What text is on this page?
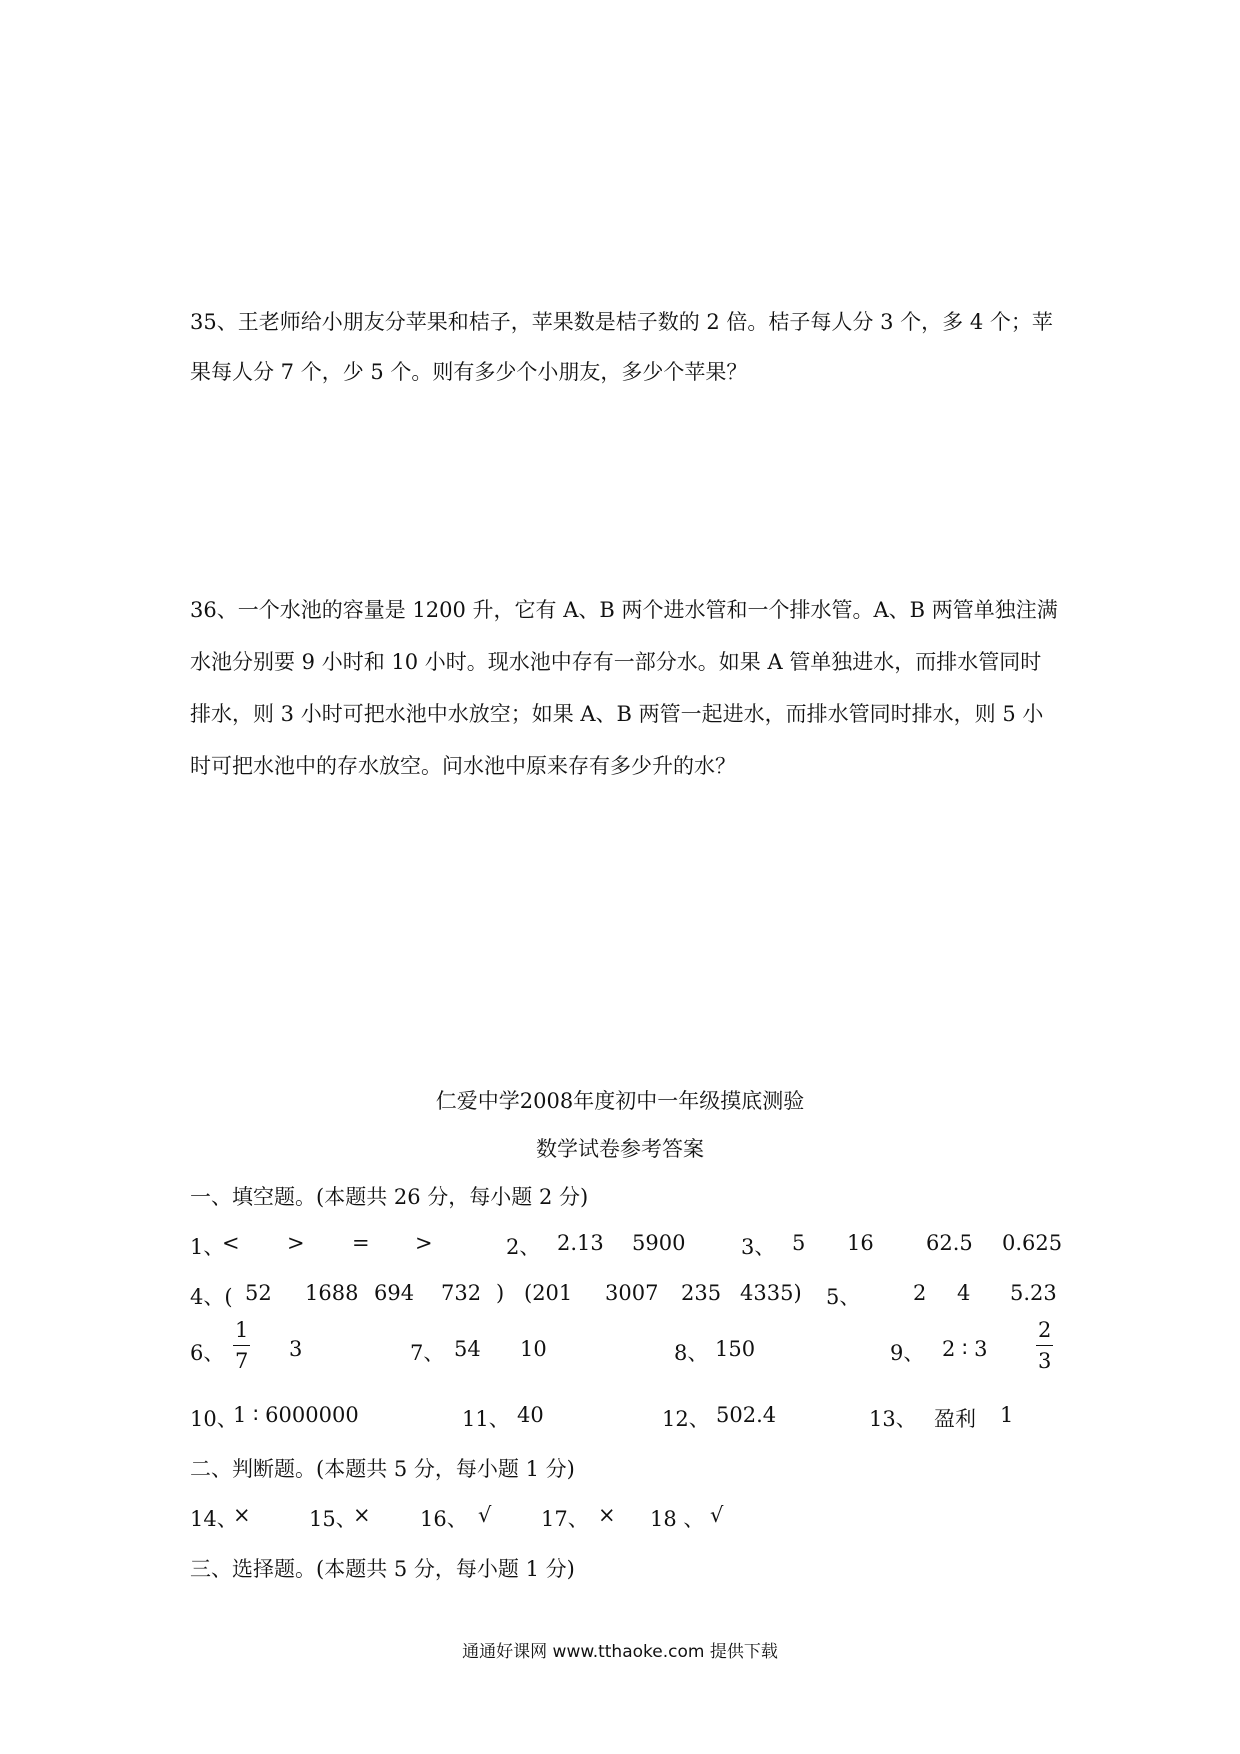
35、王老师给小朋友分苹果和桔子，苹果数是桔子数的 2 倍。桔子每人分 3 个，多 4 个；苹
果每人分 7 个，少 5 个。则有多少个小朋友，多少个苹果？
36、一个水池的容量是 1200 升，它有 A、B 两个进水管和一个排水管。A、B 两管单独注满
水池分别要 9 小时和 10 小时。现水池中存有一部分水。如果 A 管单独进水，而排水管同时
排水，则 3 小时可把水池中水放空；如果 A、B 两管一起进水，而排水管同时排水，则 5 小
时可把水池中的存水放空。问水池中原来存有多少升的水？
仁爱中学2008年度初中一年级摸底测验
数学试卷参考答案
一、填空题。(本题共 26 分，每小题 2 分)
1、
< > = >	2、 2.13 5900	3、 5 16 62.5 0.625
4、( 52 1688 694 732 ) (201 3007 235 4335) 5、	2 4 5.23
6、 $\frac{1}{7} 3$	7、 54 10	8、 150	9、 2 ∶ $3 \frac{2}{3}$
10、
1 ∶ 6000000	11、 40	12、 502.4	13、 盈利 1
二、判断题。(本题共 5 分，每小题 1 分)
14、
×	15、
× 16、 √ 17、 × 18 、 √
三、选择题。(本题共 5 分，每小题 1 分)
通通好课网 www.tthaoke.com 提供下载
